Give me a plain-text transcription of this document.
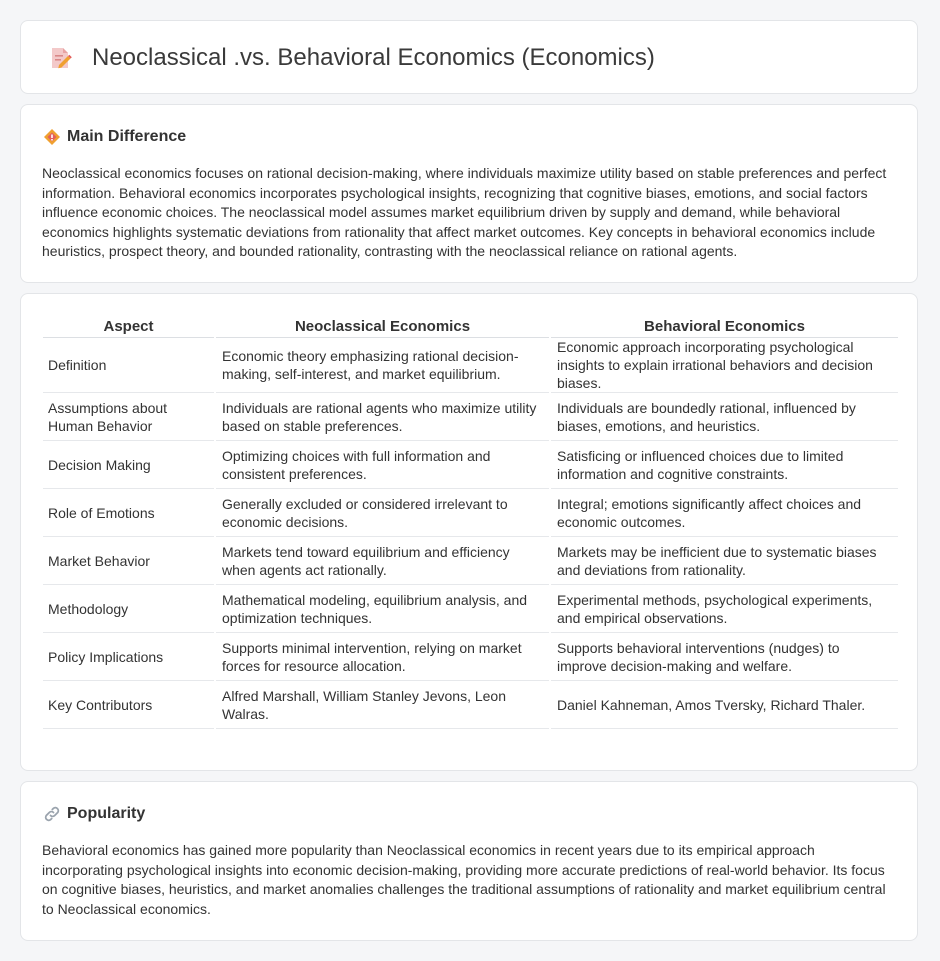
Neoclassical .vs. Behavioral Economics (Economics)
Main Difference

Neoclassical economics focuses on rational decision-making, where individuals maximize utility based on stable preferences and perfect information. Behavioral economics incorporates psychological insights, recognizing that cognitive biases, emotions, and social factors influence economic choices. The neoclassical model assumes market equilibrium driven by supply and demand, while behavioral economics highlights systematic deviations from rationality that affect market outcomes. Key concepts in behavioral economics include heuristics, prospect theory, and bounded rationality, contrasting with the neoclassical reliance on rational agents.

Aspect	Neoclassical Economics	Behavioral Economics
Definition	Economic theory emphasizing rational decision-making, self-interest, and market equilibrium.	Economic approach incorporating psychological insights to explain irrational behaviors and decision biases.
Assumptions about Human Behavior	Individuals are rational agents who maximize utility based on stable preferences.	Individuals are boundedly rational, influenced by biases, emotions, and heuristics.
Decision Making	Optimizing choices with full information and consistent preferences.	Satisficing or influenced choices due to limited information and cognitive constraints.
Role of Emotions	Generally excluded or considered irrelevant to economic decisions.	Integral; emotions significantly affect choices and economic outcomes.
Market Behavior	Markets tend toward equilibrium and efficiency when agents act rationally.	Markets may be inefficient due to systematic biases and deviations from rationality.
Methodology	Mathematical modeling, equilibrium analysis, and optimization techniques.	Experimental methods, psychological experiments, and empirical observations.
Policy Implications	Supports minimal intervention, relying on market forces for resource allocation.	Supports behavioral interventions (nudges) to improve decision-making and welfare.
Key Contributors	Alfred Marshall, William Stanley Jevons, Leon Walras.	Daniel Kahneman, Amos Tversky, Richard Thaler.
Popularity

Behavioral economics has gained more popularity than Neoclassical economics in recent years due to its empirical approach incorporating psychological insights into economic decision-making, providing more accurate predictions of real-world behavior. Its focus on cognitive biases, heuristics, and market anomalies challenges the traditional assumptions of rationality and market equilibrium central to Neoclassical economics.
